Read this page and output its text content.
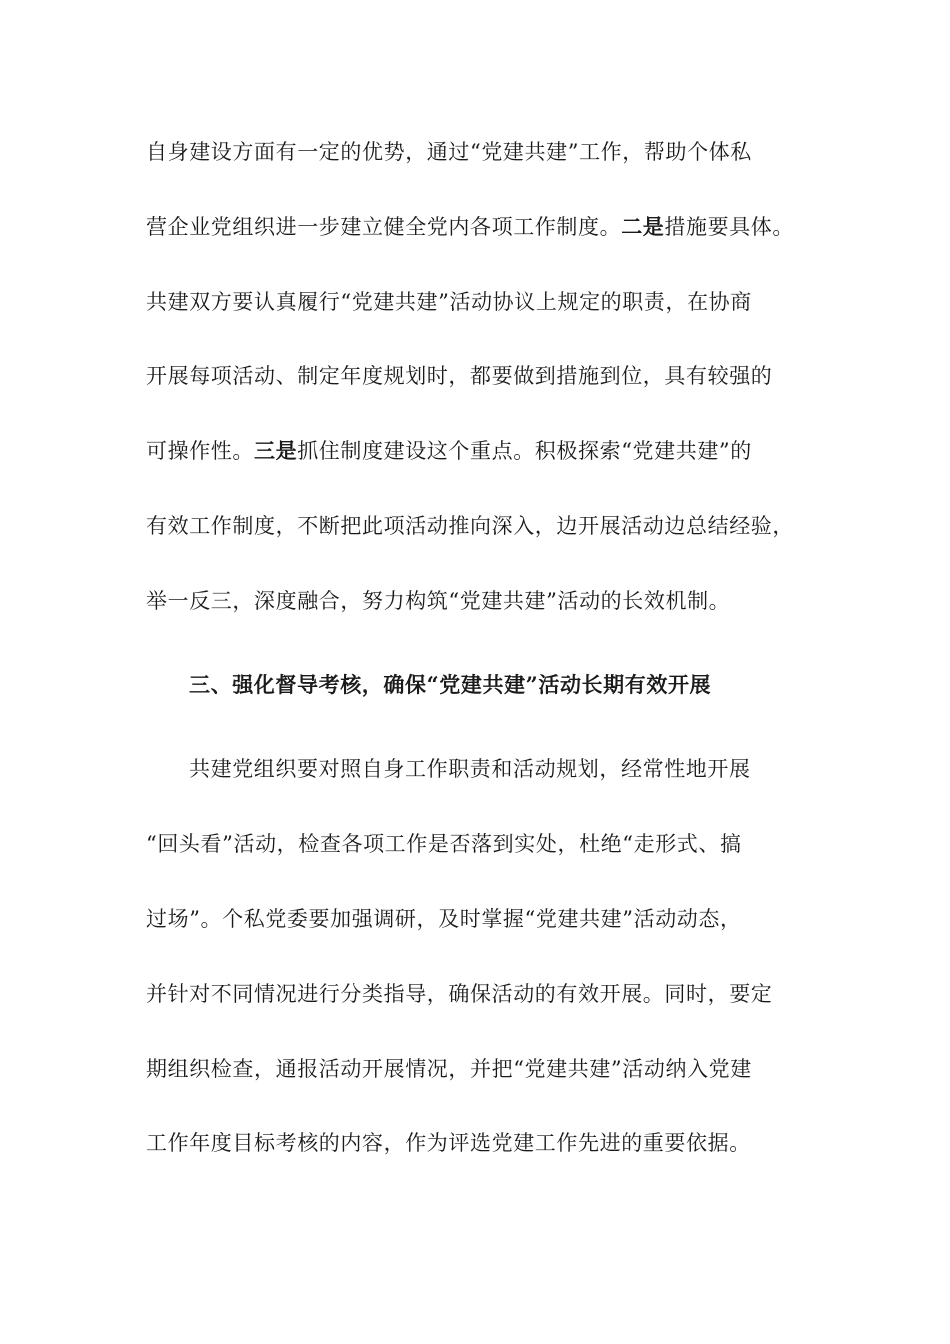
自身建设方面有一定的优势，通过“党建共建”工作，帮助个体私
营企业党组织进一步建立健全党内各项工作制度。二是措施要具体。
共建双方要认真履行“党建共建”活动协议上规定的职责，在协商
开展每项活动、制定年度规划时，都要做到措施到位，具有较强的
可操作性。三是抓住制度建设这个重点。积极探索“党建共建”的
有效工作制度，不断把此项活动推向深入，边开展活动边总结经验，
举一反三，深度融合，努力构筑“党建共建”活动的长效机制。
三、强化督导考核，确保“党建共建”活动长期有效开展
共建党组织要对照自身工作职责和活动规划，经常性地开展
“回头看”活动，检查各项工作是否落到实处，杜绝“走形式、搞
过场”。个私党委要加强调研，及时掌握“党建共建”活动动态，
并针对不同情况进行分类指导，确保活动的有效开展。同时，要定
期组织检查，通报活动开展情况，并把“党建共建”活动纳入党建
工作年度目标考核的内容，作为评选党建工作先进的重要依据。
